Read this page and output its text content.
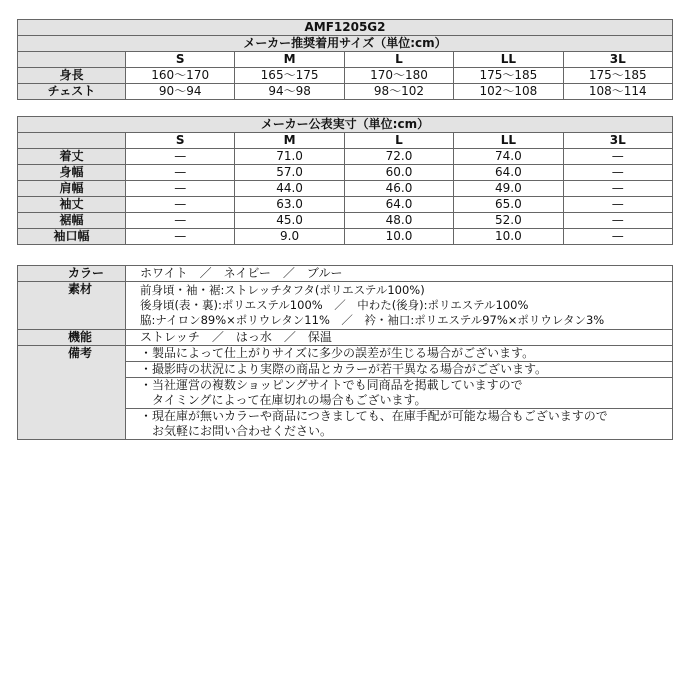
AMF1205G2					
メーカー推奨着用サイズ（単位:cm）					
	S	M	L	LL	3L
身長	160〜170	165〜175	170〜180	175〜185	175〜185
チェスト	90〜94	94〜98	98〜102	102〜108	108〜114
メーカー公表実寸（単位:cm）					
	S	M	L	LL	3L
着丈	—	71.0	72.0	74.0	—
身幅	—	57.0	60.0	64.0	—
肩幅	—	44.0	46.0	49.0	—
袖丈	—	63.0	64.0	65.0	—
裾幅	—	45.0	48.0	52.0	—
袖口幅	—	9.0	10.0	10.0	—
カラー	ホワイト　／　ネイビー　／　ブルー
素材	前身頃・袖・裾:ストレッチタフタ(ポリエステル100%)
後身頃(表・裏):ポリエステル100%　／　中わた(後身):ポリエステル100%
脇:ナイロン89%×ポリウレタン11%　／　衿・袖口:ポリエステル97%×ポリウレタン3%

機能	ストレッチ　／　はっ水　／　保温
備考	・製品によって仕上がりサイズに多少の誤差が生じる場合がございます。

	・撮影時の状況により実際の商品とカラーが若干異なる場合がございます。

	・当社運営の複数ショッピングサイトでも同商品を掲載していますので
　タイミングによって在庫切れの場合もございます。

	・現在庫が無いカラーや商品につきましても、在庫手配が可能な場合もございますので
　お気軽にお問い合わせください。
